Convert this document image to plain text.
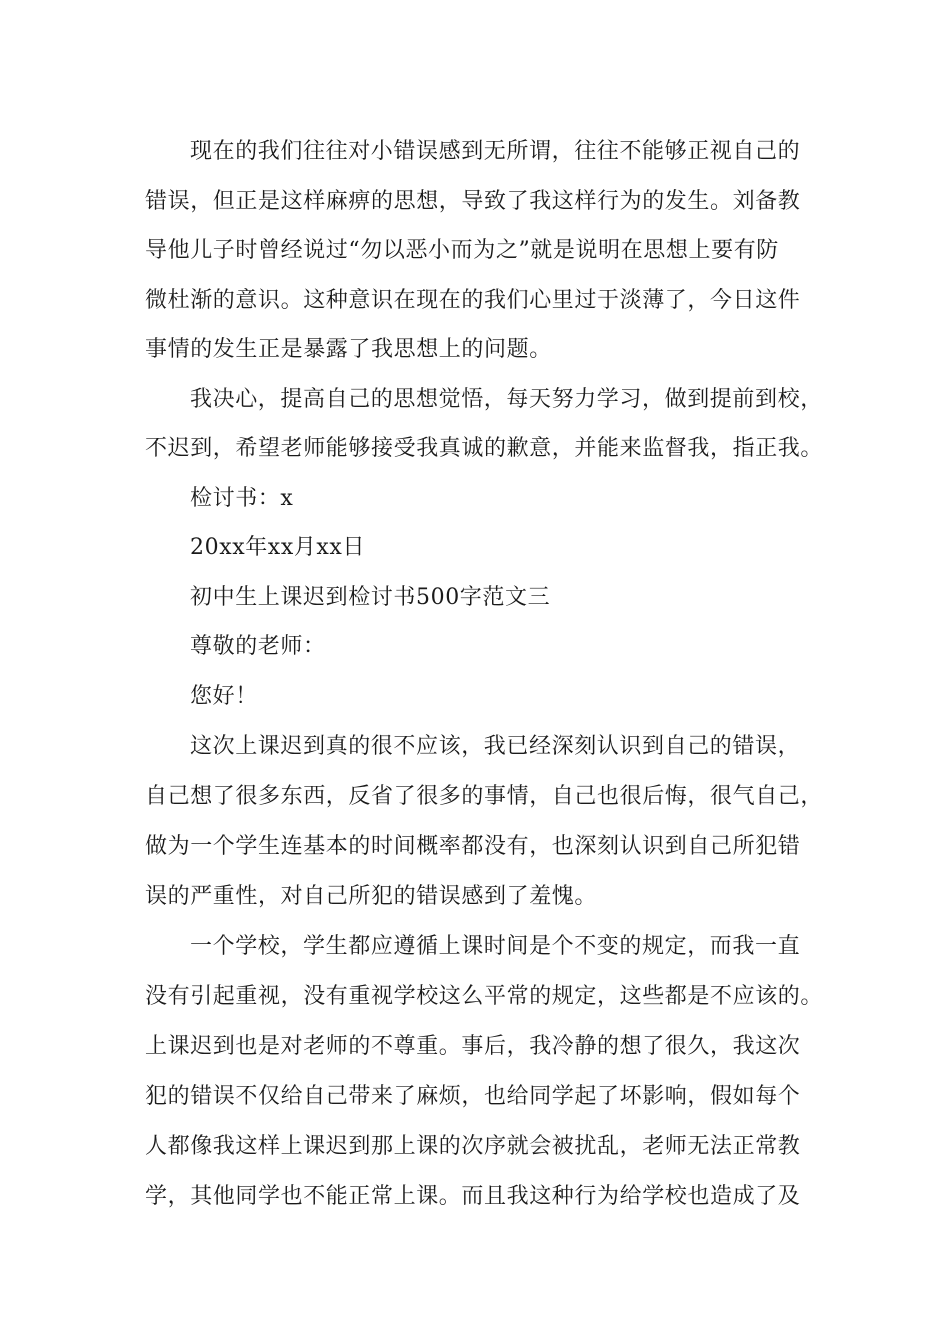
现在的我们往往对小错误感到无所谓，往往不能够正视自己的
错误，但正是这样麻痹的思想，导致了我这样行为的发生。刘备教
导他儿子时曾经说过“勿以恶小而为之”就是说明在思想上要有防
微杜渐的意识。这种意识在现在的我们心里过于淡薄了，今日这件
事情的发生正是暴露了我思想上的问题。
我决心，提高自己的思想觉悟，每天努力学习，做到提前到校，
不迟到，希望老师能够接受我真诚的歉意，并能来监督我，指正我。
检讨书：x
20xx年xx月xx日
初中生上课迟到检讨书500字范文三
尊敬的老师：
您好！
这次上课迟到真的很不应该，我已经深刻认识到自己的错误，
自己想了很多东西，反省了很多的事情，自己也很后悔，很气自己，
做为一个学生连基本的时间概率都没有，也深刻认识到自己所犯错
误的严重性，对自己所犯的错误感到了羞愧。
一个学校，学生都应遵循上课时间是个不变的规定，而我一直
没有引起重视，没有重视学校这么平常的规定，这些都是不应该的。
上课迟到也是对老师的不尊重。事后，我冷静的想了很久，我这次
犯的错误不仅给自己带来了麻烦，也给同学起了坏影响，假如每个
人都像我这样上课迟到那上课的次序就会被扰乱，老师无法正常教
学，其他同学也不能正常上课。而且我这种行为给学校也造成了及
